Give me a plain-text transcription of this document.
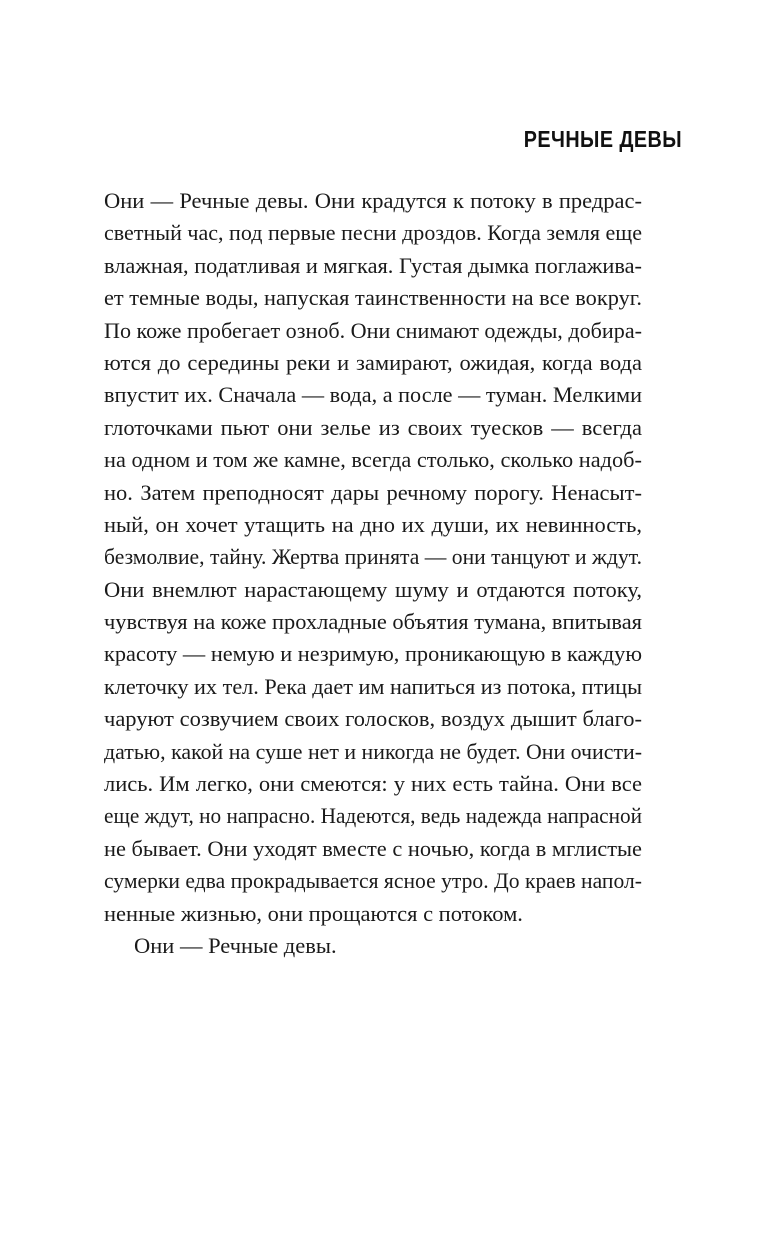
РЕЧНЫЕ ДЕВЫ
Они — Речные девы. Они крадутся к потоку в предрас-
светный час, под первые песни дроздов. Когда земля еще
влажная, податливая и мягкая. Густая дымка поглажива-
ет темные воды, напуская таинственности на все вокруг.
По коже пробегает озноб. Они снимают одежды, добира-
ются до середины реки и замирают, ожидая, когда вода
впустит их. Сначала — вода, а после — туман. Мелкими
глоточками пьют они зелье из своих туесков — всегда
на одном и том же камне, всегда столько, сколько надоб-
но. Затем преподносят дары речному порогу. Ненасыт-
ный, он хочет утащить на дно их души, их невинность,
безмолвие, тайну. Жертва принята — они танцуют и ждут.
Они внемлют нарастающему шуму и отдаются потоку,
чувствуя на коже прохладные объятия тумана, впитывая
красоту — немую и незримую, проникающую в каждую
клеточку их тел. Река дает им напиться из потока, птицы
чаруют созвучием своих голосков, воздух дышит благо-
датью, какой на суше нет и никогда не будет. Они очисти-
лись. Им легко, они смеются: у них есть тайна. Они все
еще ждут, но напрасно. Надеются, ведь надежда напрасной
не бывает. Они уходят вместе с ночью, когда в мглистые
сумерки едва прокрадывается ясное утро. До краев напол-
ненные жизнью, они прощаются с потоком.
Они — Речные девы.
